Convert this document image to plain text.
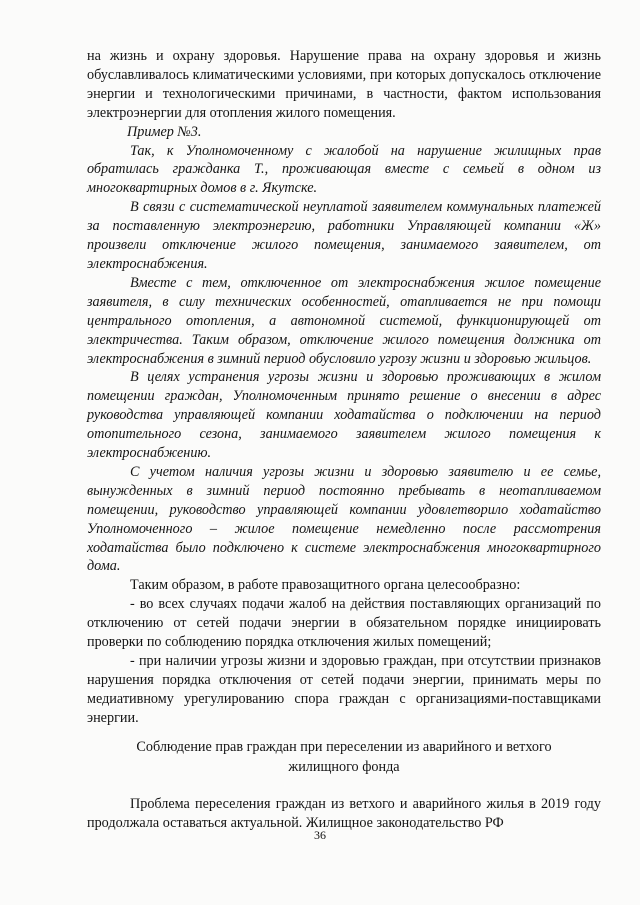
на жизнь и охрану здоровья. Нарушение права на охрану здоровья и жизнь обуславливалось климатическими условиями, при которых допускалось отключение энергии и технологическими причинами, в частности, фактом использования электроэнергии для отопления жилого помещения.

Пример №3.

Так, к Уполномоченному с жалобой на нарушение жилищных прав обратилась гражданка Т., проживающая вместе с семьей в одном из многоквартирных домов в г. Якутске.

В связи с систематической неуплатой заявителем коммунальных платежей за поставленную электроэнергию, работники Управляющей компании «Ж» произвели отключение жилого помещения, занимаемого заявителем, от электроснабжения.

Вместе с тем, отключенное от электроснабжения жилое помещение заявителя, в силу технических особенностей, отапливается не при помощи центрального отопления, а автономной системой, функционирующей от электричества. Таким образом, отключение жилого помещения должника от электроснабжения в зимний период обусловило угрозу жизни и здоровью жильцов.

В целях устранения угрозы жизни и здоровью проживающих в жилом помещении граждан, Уполномоченным принято решение о внесении в адрес руководства управляющей компании ходатайства о подключении на период отопительного сезона, занимаемого заявителем жилого помещения к электроснабжению.

С учетом наличия угрозы жизни и здоровью заявителю и ее семье, вынужденных в зимний период постоянно пребывать в неотапливаемом помещении, руководство управляющей компании удовлетворило ходатайство Уполномоченного – жилое помещение немедленно после рассмотрения ходатайства было подключено к системе электроснабжения многоквартирного дома.

Таким образом, в работе правозащитного органа целесообразно:

- во всех случаях подачи жалоб на действия поставляющих организаций по отключению от сетей подачи энергии в обязательном порядке инициировать проверки по соблюдению порядка отключения жилых помещений;

- при наличии угрозы жизни и здоровью граждан, при отсутствии признаков нарушения порядка отключения от сетей подачи энергии, принимать меры по медиативному урегулированию спора граждан с организациями-поставщиками энергии.

Соблюдение прав граждан при переселении из аварийного и ветхого
жилищного фонда

Проблема переселения граждан из ветхого и аварийного жилья в 2019 году продолжала оставаться актуальной. Жилищное законодательство РФ

36
